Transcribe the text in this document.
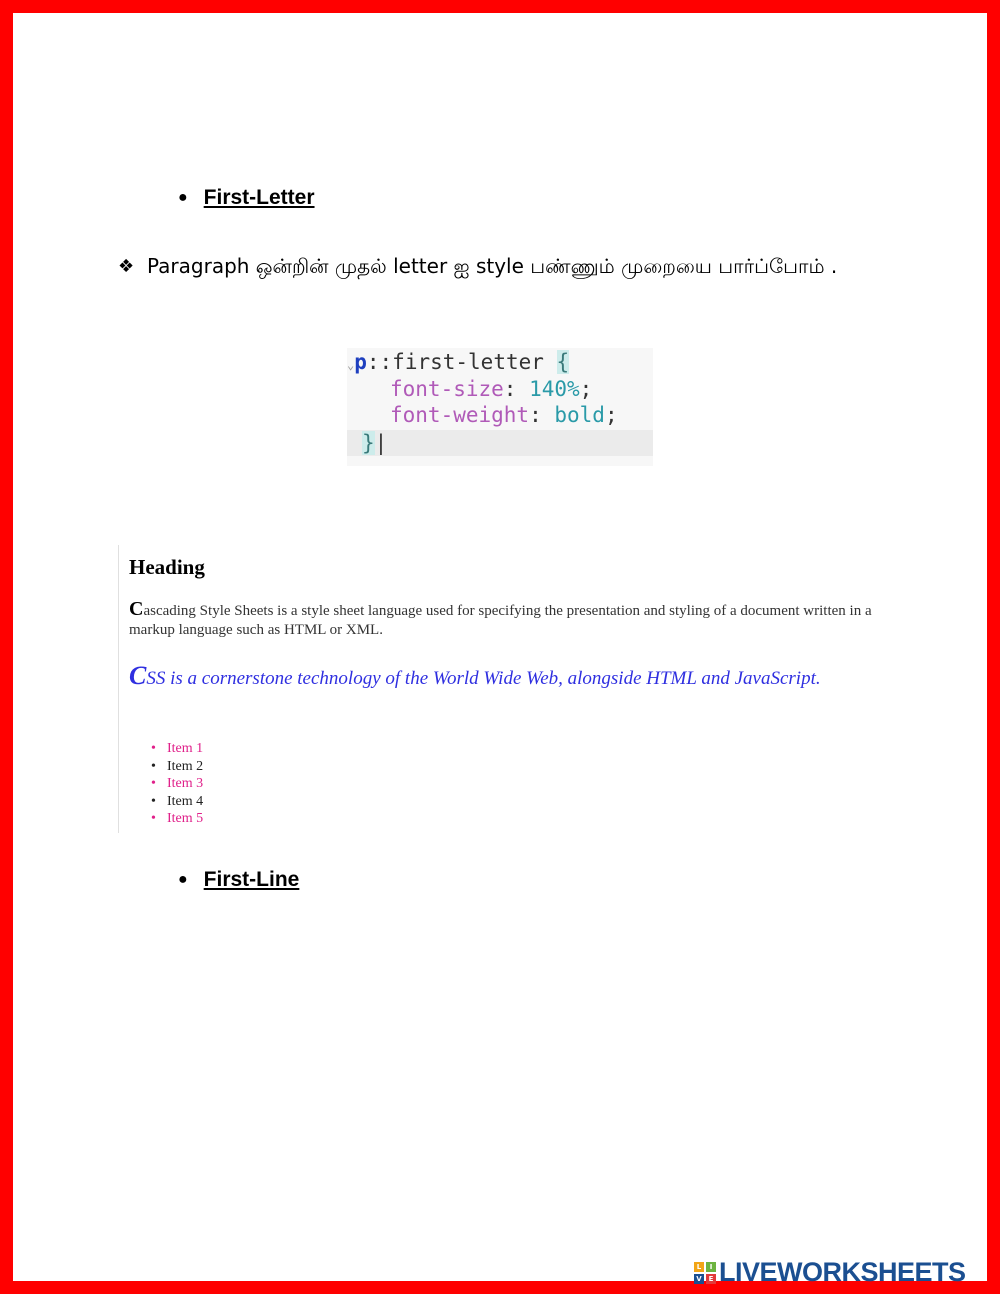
● First-Letter
❖ Paragraph ஒன்றின் முதல் letter ஐ style பண்ணும் முறையை பார்ப்போம் .
⌄p::first-letter {
font-size: 140%;
font-weight: bold;
}|
Heading
Cascading Style Sheets is a style sheet language used for specifying the presentation and styling of a document written in a markup language such as HTML or XML.
CSS is a cornerstone technology of the World Wide Web, alongside HTML and JavaScript.
• Item 1
• Item 2
• Item 3
• Item 4
• Item 5
● First-Line
L	I
V E LIVEWORKSHEETS
